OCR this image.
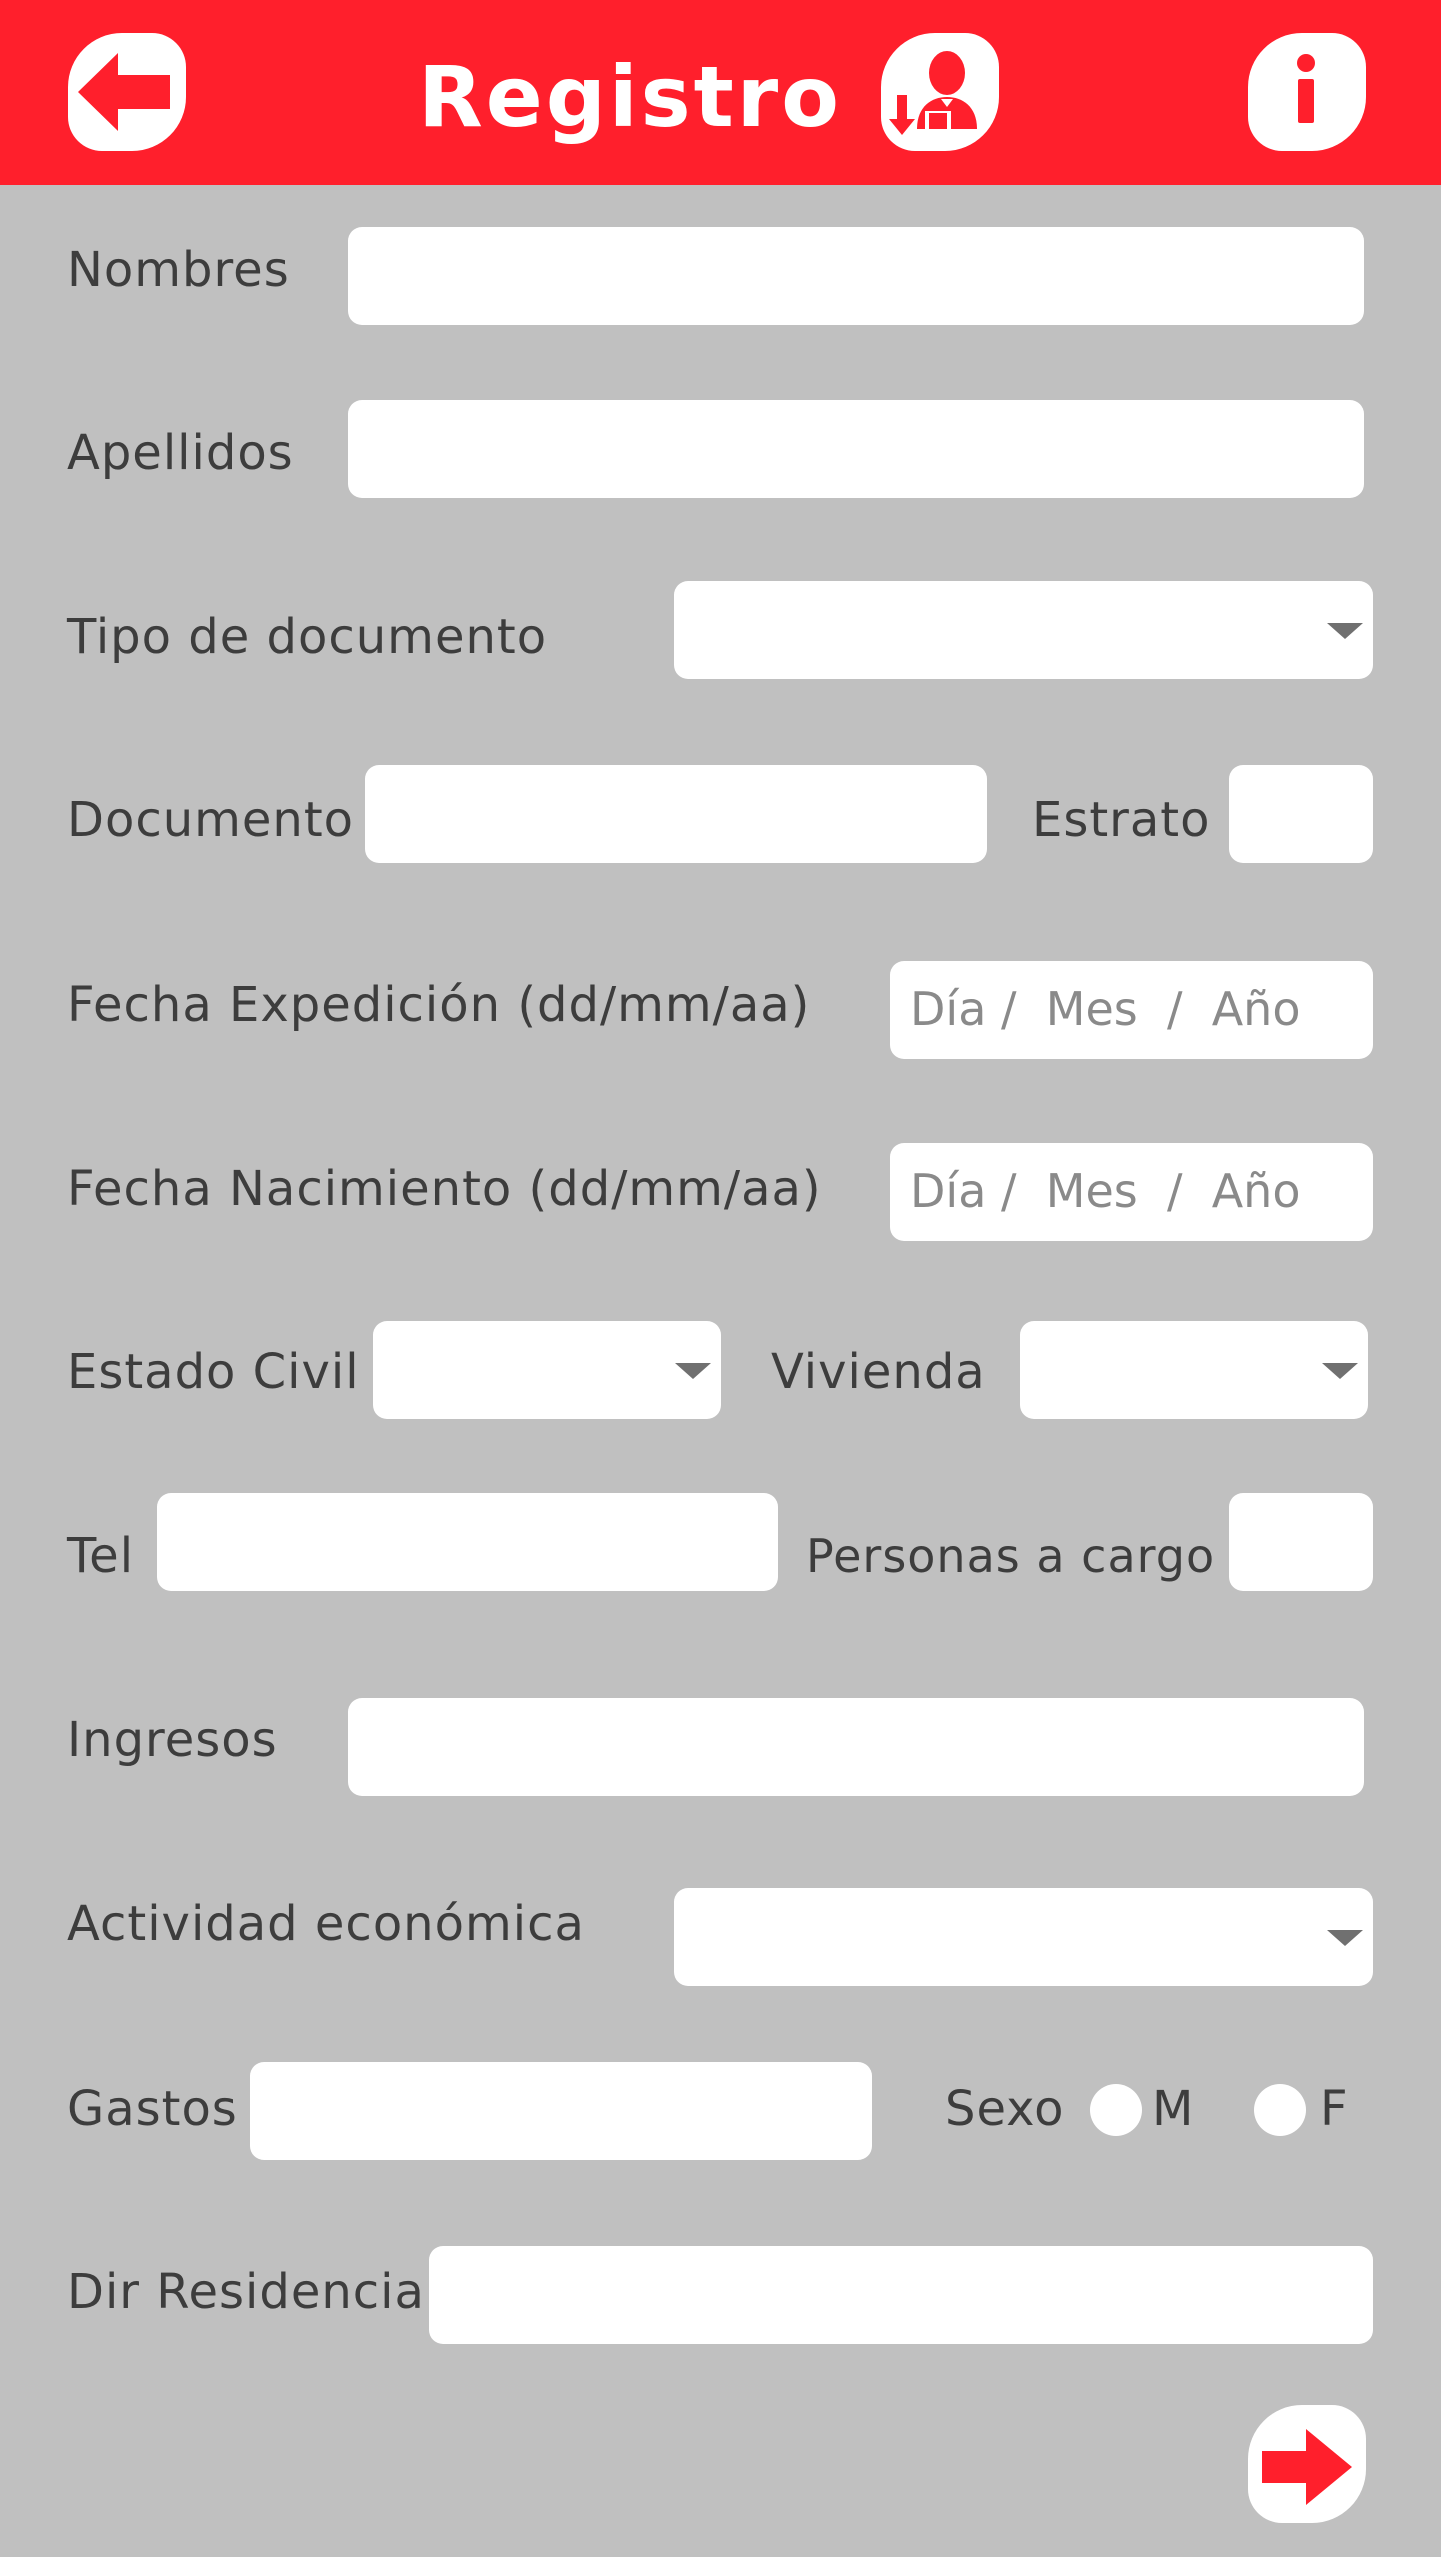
Registro
Nombres
Apellidos
Tipo de documento
Documento	Estrato
Fecha Expedición (dd/mm/aa) Día /  Mes  /  Año
Fecha Nacimiento (dd/mm/aa) Día /  Mes  /  Año
Estado Civil	Vivienda
Tel	Personas a cargo
Ingresos
Actividad económica
Gastos	Sexo M	F
Dir Residencia
